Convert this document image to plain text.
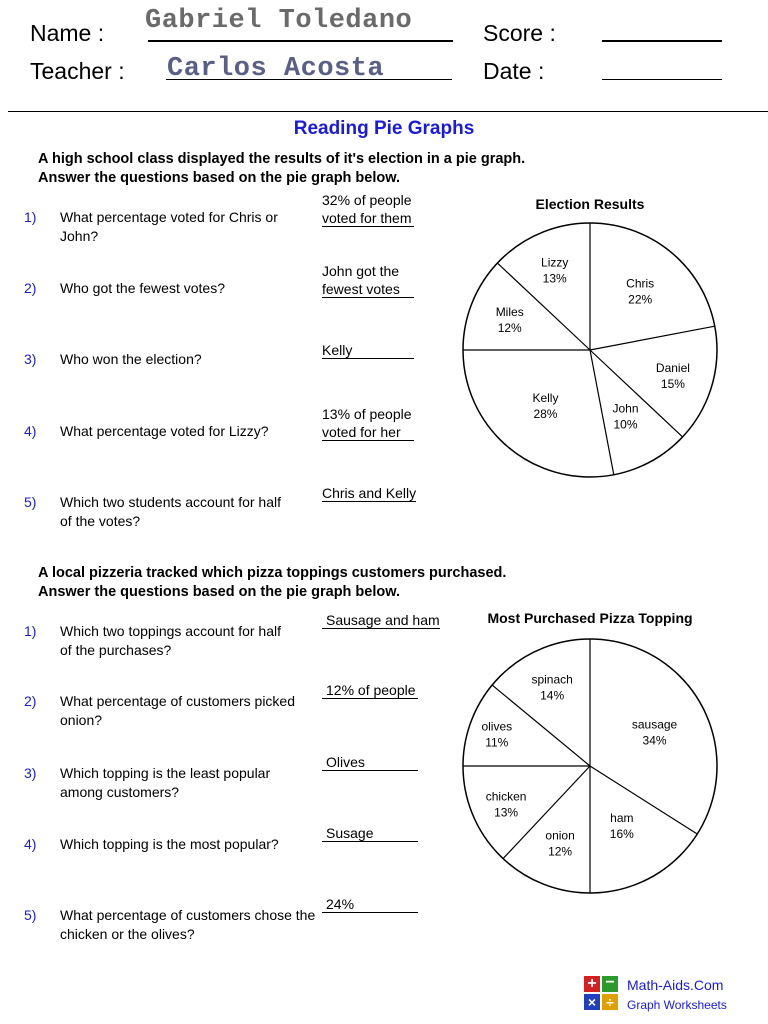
Name : Gabriel Toledano
Teacher : Carlos Acosta
Score :
Date :
Reading Pie Graphs
A high school class displayed the results of it's election in a pie graph.
Answer the questions based on the pie graph below.
1) What percentage voted for Chris or John?
32% of people
voted for them
2) Who got the fewest votes?
John got the
fewest votes
3) Who won the election?
Kelly
4) What percentage voted for Lizzy?
13% of people
voted for her
5) Which two students account for half of the votes?
Chris and Kelly
Election Results
Chris
22%
Daniel
15%
John
10%
Kelly
28%
Miles
12%
Lizzy
13%
A local pizzeria tracked which pizza toppings customers purchased.
Answer the questions based on the pie graph below.
1) Which two toppings account for half of the purchases?
Sausage and ham
2) What percentage of customers picked onion?
12% of people
3) Which topping is the least popular among customers?
Olives
4) Which topping is the most popular?
Susage
5) What percentage of customers chose the chicken or the olives?
24%
Most Purchased Pizza Topping
sausage
34%
ham
16%
onion
12%
chicken
13%
olives
11%
spinach
14%
+ −
× ÷
Math-Aids.Com
Graph Worksheets
